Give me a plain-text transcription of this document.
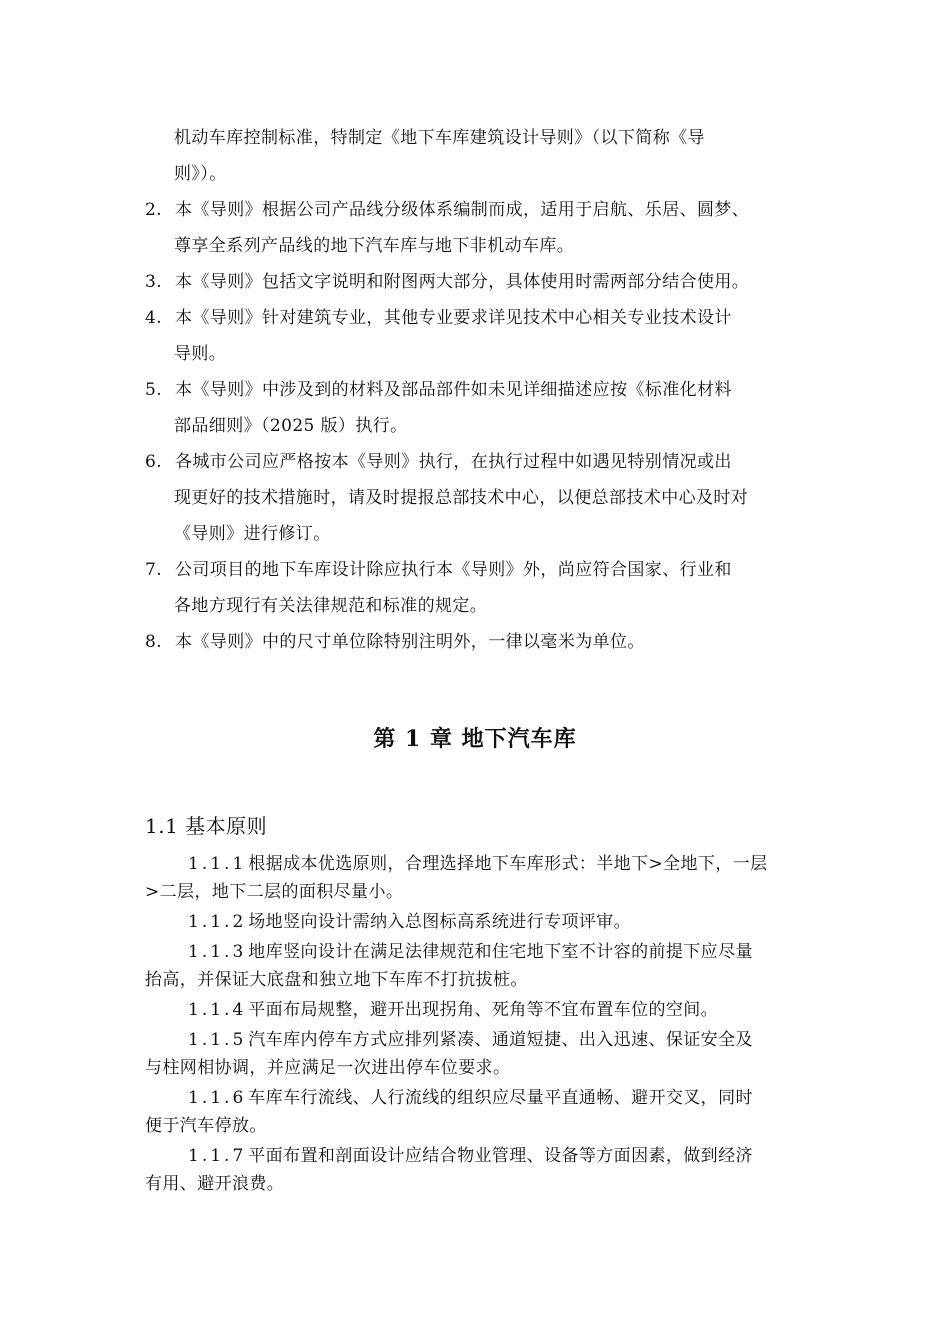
机动车库控制标准，特制定《地下车库建筑设计导则》（以下简称《导
则》）。
2. 本《导则》根据公司产品线分级体系编制而成，适用于启航、乐居、圆梦、
尊享全系列产品线的地下汽车库与地下非机动车库。
3. 本《导则》包括文字说明和附图两大部分，具体使用时需两部分结合使用。
4. 本《导则》针对建筑专业，其他专业要求详见技术中心相关专业技术设计
导则。
5. 本《导则》中涉及到的材料及部品部件如未见详细描述应按《标准化材料
部品细则》（2025 版）执行。
6. 各城市公司应严格按本《导则》执行，在执行过程中如遇见特别情况或出
现更好的技术措施时，请及时提报总部技术中心，以便总部技术中心及时对
《导则》进行修订。
7. 公司项目的地下车库设计除应执行本《导则》外，尚应符合国家、行业和
各地方现行有关法律规范和标准的规定。
8. 本《导则》中的尺寸单位除特别注明外，一律以毫米为单位。
第 1 章 地下汽车库
1.1 基本原则
1.1.1 根据成本优选原则，合理选择地下车库形式：半地下>全地下，一层
>二层，地下二层的面积尽量小。
1.1.2 场地竖向设计需纳入总图标高系统进行专项评审。
1.1.3 地库竖向设计在满足法律规范和住宅地下室不计容的前提下应尽量
抬高，并保证大底盘和独立地下车库不打抗拔桩。
1.1.4 平面布局规整，避开出现拐角、死角等不宜布置车位的空间。
1.1.5 汽车库内停车方式应排列紧凑、通道短捷、出入迅速、保证安全及
与柱网相协调，并应满足一次进出停车位要求。
1.1.6 车库车行流线、人行流线的组织应尽量平直通畅、避开交叉，同时
便于汽车停放。
1.1.7 平面布置和剖面设计应结合物业管理、设备等方面因素，做到经济
有用、避开浪费。
